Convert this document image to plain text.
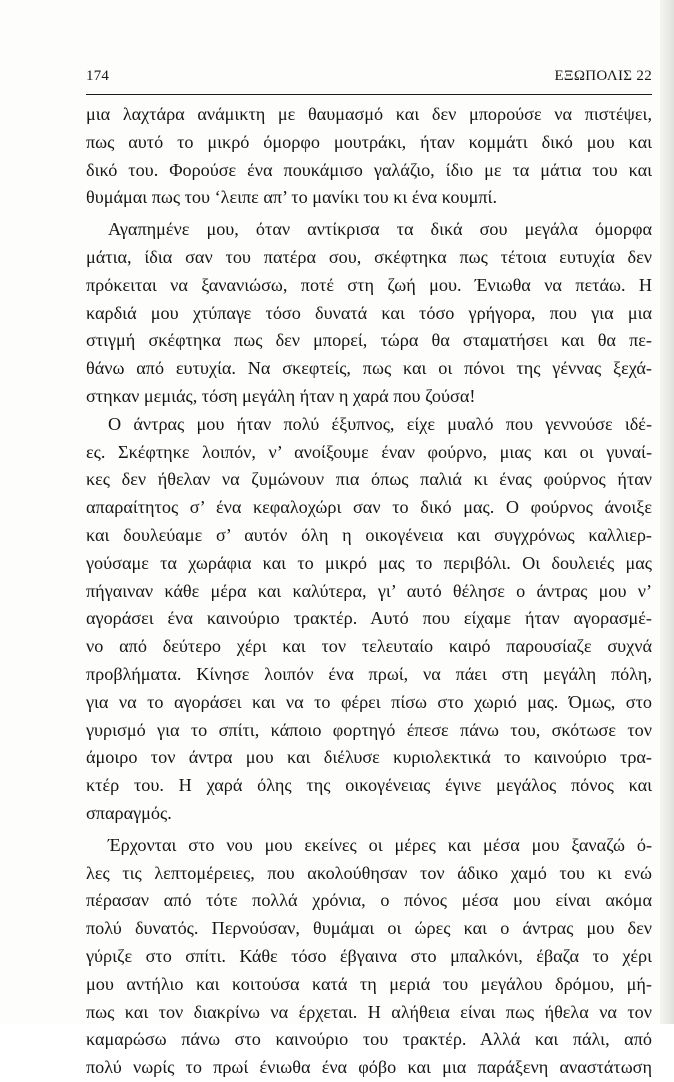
174	ΕΞΩΠΟΛΙΣ 22
μια λαχτάρα ανάμικτη με θαυμασμό και δεν μπορούσε να πιστέψει,
πως αυτό το μικρό όμορφο μουτράκι, ήταν κομμάτι δικό μου και
δικό του. Φορούσε ένα πουκάμισο γαλάζιο, ίδιο με τα μάτια του και
θυμάμαι πως του ‘λειπε απ’ το μανίκι του κι ένα κουμπί.
Αγαπημένε μου, όταν αντίκρισα τα δικά σου μεγάλα όμορφα
μάτια, ίδια σαν του πατέρα σου, σκέφτηκα πως τέτοια ευτυχία δεν
πρόκειται να ξανανιώσω, ποτέ στη ζωή μου. Ένιωθα να πετάω. Η
καρδιά μου χτύπαγε τόσο δυνατά και τόσο γρήγορα, που για μια
στιγμή σκέφτηκα πως δεν μπορεί, τώρα θα σταματήσει και θα πε-
θάνω από ευτυχία. Να σκεφτείς, πως και οι πόνοι της γέννας ξεχά-
στηκαν μεμιάς, τόση μεγάλη ήταν η χαρά που ζούσα!
Ο άντρας μου ήταν πολύ έξυπνος, είχε μυαλό που γεννούσε ιδέ-
ες. Σκέφτηκε λοιπόν, ν’ ανοίξουμε έναν φούρνο, μιας και οι γυναί-
κες δεν ήθελαν να ζυμώνουν πια όπως παλιά κι ένας φούρνος ήταν
απαραίτητος σ’ ένα κεφαλοχώρι σαν το δικό μας. Ο φούρνος άνοιξε
και δουλεύαμε σ’ αυτόν όλη η οικογένεια και συγχρόνως καλλιερ-
γούσαμε τα χωράφια και το μικρό μας το περιβόλι. Οι δουλειές μας
πήγαιναν κάθε μέρα και καλύτερα, γι’ αυτό θέλησε ο άντρας μου ν’
αγοράσει ένα καινούριο τρακτέρ. Αυτό που είχαμε ήταν αγορασμέ-
νο από δεύτερο χέρι και τον τελευταίο καιρό παρουσίαζε συχνά
προβλήματα. Κίνησε λοιπόν ένα πρωί, να πάει στη μεγάλη πόλη,
για να το αγοράσει και να το φέρει πίσω στο χωριό μας. Όμως, στο
γυρισμό για το σπίτι, κάποιο φορτηγό έπεσε πάνω του, σκότωσε τον
άμοιρο τον άντρα μου και διέλυσε κυριολεκτικά το καινούριο τρα-
κτέρ του. Η χαρά όλης της οικογένειας έγινε μεγάλος πόνος και
σπαραγμός.
Έρχονται στο νου μου εκείνες οι μέρες και μέσα μου ξαναζώ ό-
λες τις λεπτομέρειες, που ακολούθησαν τον άδικο χαμό του κι ενώ
πέρασαν από τότε πολλά χρόνια, ο πόνος μέσα μου είναι ακόμα
πολύ δυνατός. Περνούσαν, θυμάμαι οι ώρες και ο άντρας μου δεν
γύριζε στο σπίτι. Κάθε τόσο έβγαινα στο μπαλκόνι, έβαζα το χέρι
μου αντήλιο και κοιτούσα κατά τη μεριά του μεγάλου δρόμου, μή-
πως και τον διακρίνω να έρχεται. Η αλήθεια είναι πως ήθελα να τον
καμαρώσω πάνω στο καινούριο του τρακτέρ. Αλλά και πάλι, από
πολύ νωρίς το πρωί ένιωθα ένα φόβο και μια παράξενη αναστάτωση
